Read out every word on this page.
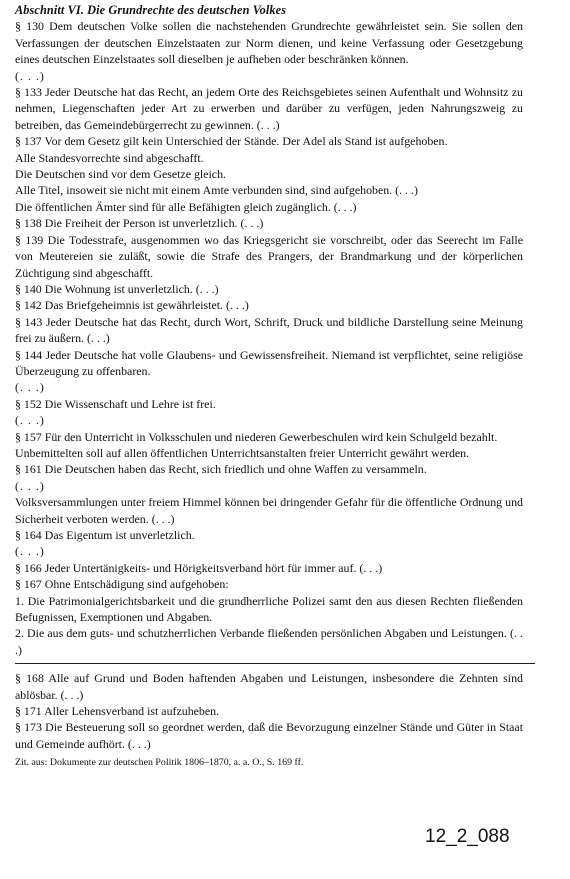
Abschnitt VI. Die Grundrechte des deutschen Volkes

§ 130 Dem deutschen Volke sollen die nachstehenden Grundrechte gewährleistet sein. Sie sollen den Verfassungen der deutschen Einzelstaaten zur Norm dienen, und keine Verfassung oder Gesetzgebung eines deutschen Einzelstaates soll dieselben je aufheben oder beschränken können.

(. . .)

§ 133 Jeder Deutsche hat das Recht, an jedem Orte des Reichsgebietes seinen Aufenthalt und Wohnsitz zu nehmen, Liegenschaften jeder Art zu erwerben und darüber zu verfügen, jeden Nahrungszweig zu betreiben, das Gemeindebürgerrecht zu gewinnen. (. . .)

§ 137 Vor dem Gesetz gilt kein Unterschied der Stände. Der Adel als Stand ist aufgehoben.

Alle Standesvorrechte sind abgeschafft.

Die Deutschen sind vor dem Gesetze gleich.

Alle Titel, insoweit sie nicht mit einem Amte verbunden sind, sind aufgehoben. (. . .)

Die öffentlichen Ämter sind für alle Befähigten gleich zugänglich. (. . .)

§ 138 Die Freiheit der Person ist unverletzlich. (. . .)

§ 139 Die Todesstrafe, ausgenommen wo das Kriegsgericht sie vorschreibt, oder das Seerecht im Falle von Meutereien sie zuläßt, sowie die Strafe des Prangers, der Brandmarkung und der körperlichen Züchtigung sind abgeschafft.

§ 140 Die Wohnung ist unverletzlich. (. . .)

§ 142 Das Briefgeheimnis ist gewährleistet. (. . .)

§ 143 Jeder Deutsche hat das Recht, durch Wort, Schrift, Druck und bildliche Darstellung seine Meinung frei zu äußern. (. . .)

§ 144 Jeder Deutsche hat volle Glaubens- und Gewissensfreiheit. Niemand ist verpflichtet, seine religiöse Überzeugung zu offenbaren.

(. . .)

§ 152 Die Wissenschaft und Lehre ist frei.

(. . .)

§ 157 Für den Unterricht in Volksschulen und niederen Gewerbeschulen wird kein Schulgeld bezahlt.

Unbemittelten soll auf allen öffentlichen Unterrichtsanstalten freier Unterricht gewährt werden.

§ 161 Die Deutschen haben das Recht, sich friedlich und ohne Waffen zu versammeln.

(. . .)

Volksversammlungen unter freiem Himmel können bei dringender Gefahr für die öffentliche Ordnung und Sicherheit verboten werden. (. . .)

§ 164 Das Eigentum ist unverletzlich.

(. . .)

§ 166 Jeder Untertänigkeits- und Hörigkeitsverband hört für immer auf. (. . .)

§ 167 Ohne Entschädigung sind aufgehoben:

1. Die Patrimonialgerichtsbarkeit und die grundherrliche Polizei samt den aus diesen Rechten fließenden Befugnissen, Exemptionen und Abgaben.

2. Die aus dem guts- und schutzherrlichen Verbande fließenden persönlichen Abgaben und Leistungen. (. . .)

§ 168 Alle auf Grund und Boden haftenden Abgaben und Leistungen, insbesondere die Zehnten sind ablösbar. (. . .)

§ 171 Aller Lehensverband ist aufzuheben.

§ 173 Die Besteuerung soll so geordnet werden, daß die Bevorzugung einzelner Stände und Güter in Staat und Gemeinde aufhört. (. . .)

Zit. aus: Dokumente zur deutschen Politik 1806–1870, a. a. O., S. 169 ff.

12_2_088
